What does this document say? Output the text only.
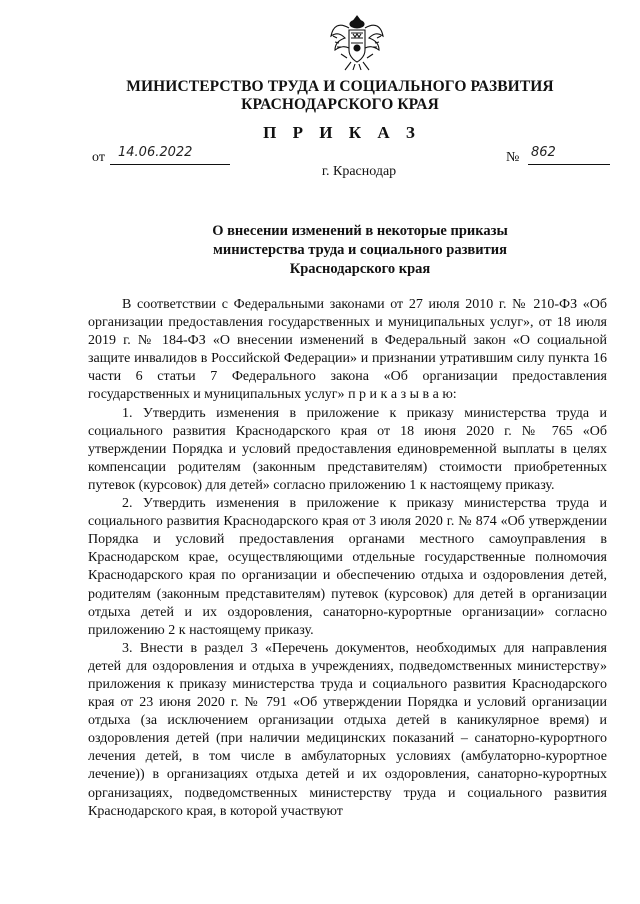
МИНИСТЕРСТВО ТРУДА И СОЦИАЛЬНОГО РАЗВИТИЯ
КРАСНОДАРСКОГО КРАЯ
П Р И К А З
от 14.06.2022	№ 862
г. Краснодар
О внесении изменений в некоторые приказы
министерства труда и социального развития
Краснодарского края

В соответствии с Федеральными законами от 27 июля 2010 г. № 210-ФЗ «Об организации предоставления государственных и муниципальных услуг», от 18 июля 2019 г. № 184-ФЗ «О внесении изменений в Федеральный закон «О социальной защите инвалидов в Российской Федерации» и признании утратившим силу пункта 16 части 6 статьи 7 Федерального закона «Об организации предоставления государственных и муниципальных услуг» п р и к а з ы в а ю:

1. Утвердить изменения в приложение к приказу министерства труда и социального развития Краснодарского края от 18 июня 2020 г. № 765 «Об утверждении Порядка и условий предоставления единовременной выплаты в целях компенсации родителям (законным представителям) стоимости приобретенных путевок (курсовок) для детей» согласно приложению 1 к настоящему приказу.

2. Утвердить изменения в приложение к приказу министерства труда и социального развития Краснодарского края от 3 июля 2020 г. № 874 «Об утверждении Порядка и условий предоставления органами местного самоуправления в Краснодарском крае, осуществляющими отдельные государственные полномочия Краснодарского края по организации и обеспечению отдыха и оздоровления детей, родителям (законным представителям) путевок (курсовок) для детей в организации отдыха детей и их оздоровления, санаторно-курортные организации» согласно приложению 2 к настоящему приказу.

3. Внести в раздел 3 «Перечень документов, необходимых для направления детей для оздоровления и отдыха в учреждениях, подведомственных министерству» приложения к приказу министерства труда и социального развития Краснодарского края от 23 июня 2020 г. № 791 «Об утверждении Порядка и условий организации отдыха (за исключением организации отдыха детей в каникулярное время) и оздоровления детей (при наличии медицинских показаний – санаторно-курортного лечения детей, в том числе в амбулаторных условиях (амбулаторно-курортное лечение)) в организациях отдыха детей и их оздоровления, санаторно-курортных организациях, подведомственных министерству труда и социального развития Краснодарского края, в которой участвуют
